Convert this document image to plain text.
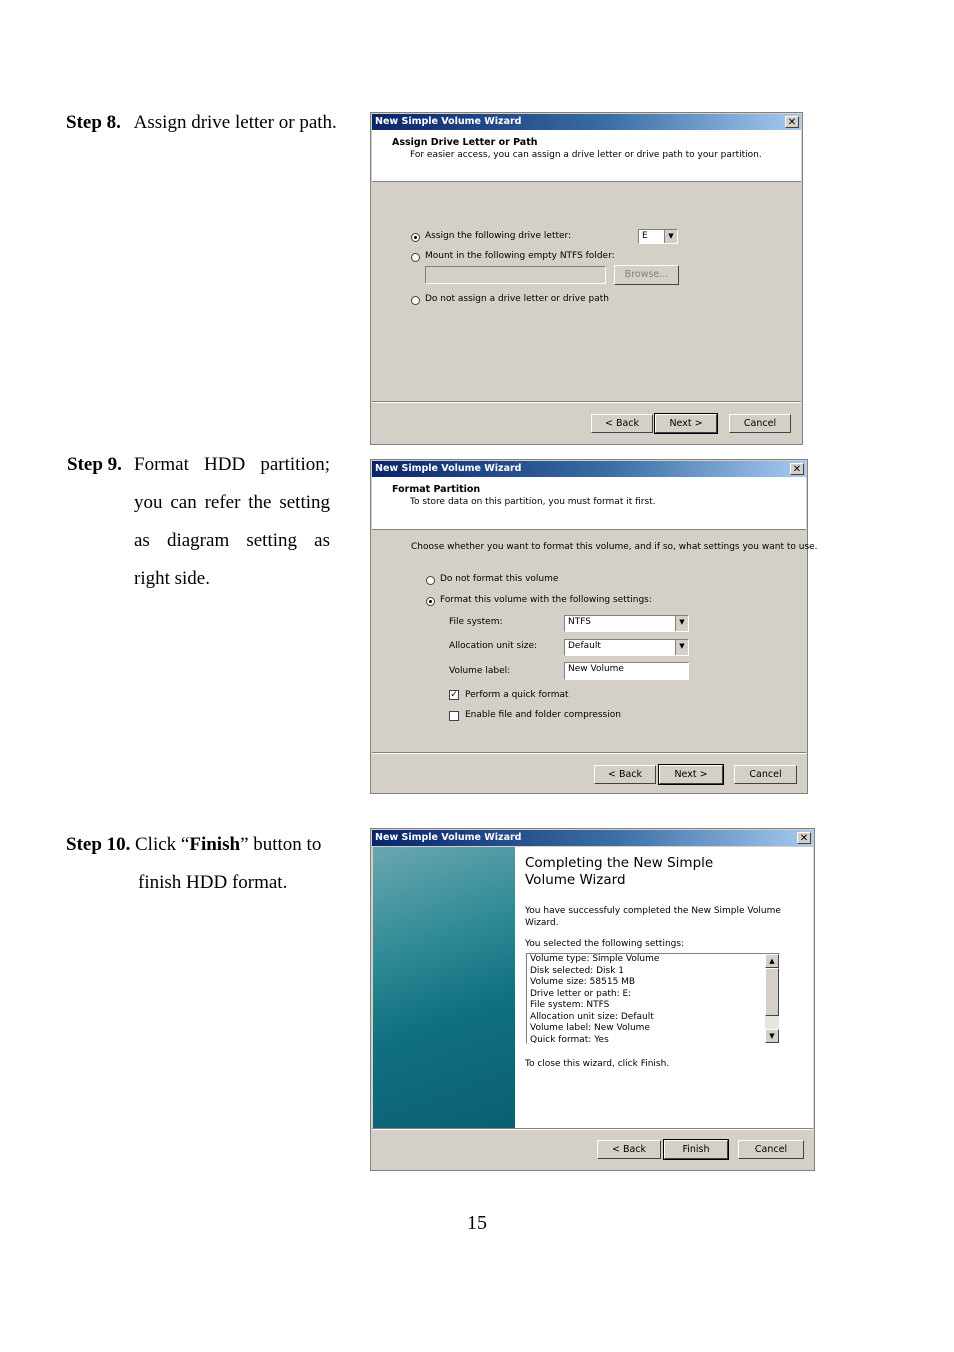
Step 8. Assign drive letter or path.
Step 9. Format HDD partition;
you can refer the setting
as diagram setting as
right side.
Step 10. Click “Finish” button to
finish HDD format.
15
New Simple Volume Wizard	✕
Assign Drive Letter or Path
For easier access, you can assign a drive letter or drive path to your partition.
Assign the following drive letter:	E	▼
Mount in the following empty NTFS folder:
Browse...
Do not assign a drive letter or drive path
< Back	Next >	Cancel
New Simple Volume Wizard	✕
Format Partition
To store data on this partition, you must format it first.
Choose whether you want to format this volume, and if so, what settings you want to use.
Do not format this volume
Format this volume with the following settings:
File system:	NTFS	▼
Allocation unit size:	Default	▼
Volume label:	New Volume
✓ Perform a quick format
Enable file and folder compression
< Back	Next >	Cancel
New Simple Volume Wizard	✕
Completing the New Simple
Volume Wizard
You have successfuly completed the New Simple Volume
Wizard.
You selected the following settings:
Volume type: Simple Volume
Disk selected: Disk 1
Volume size: 58515 MB
Drive letter or path: E:
File system: NTFS
Allocation unit size: Default
Volume label: New Volume
Quick format: Yes
▲
▼
To close this wizard, click Finish.
< Back	Finish	Cancel
